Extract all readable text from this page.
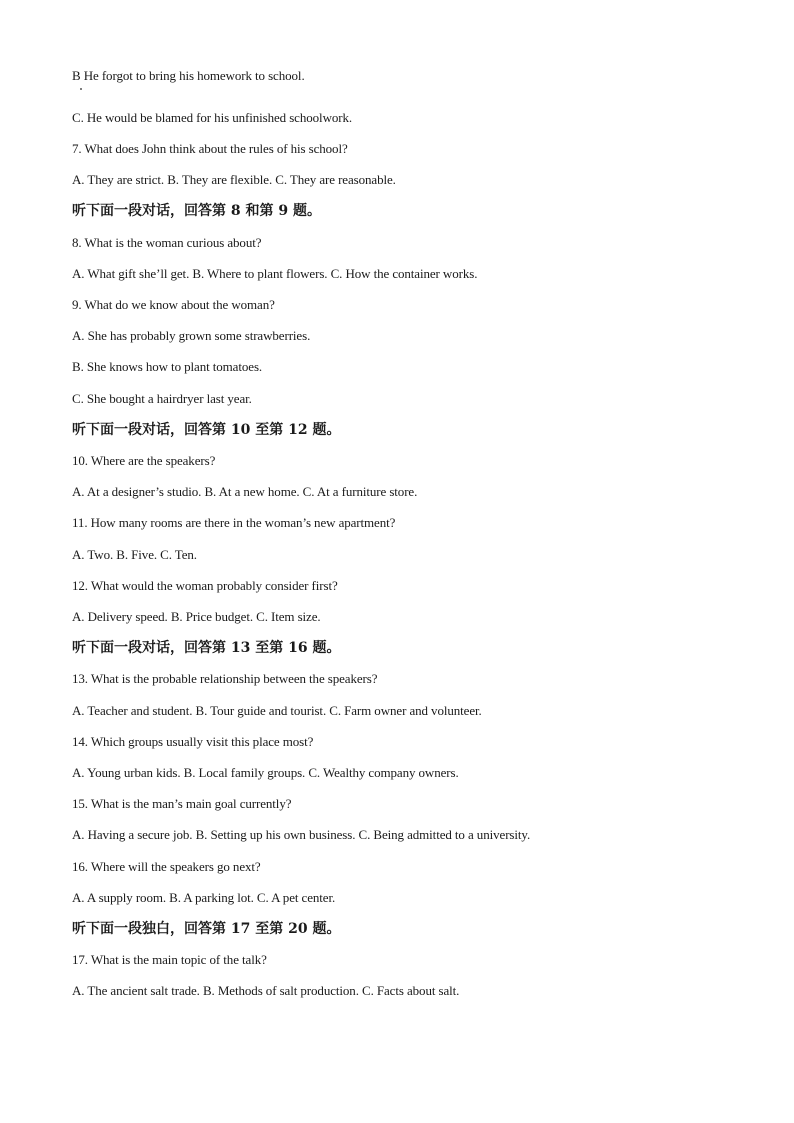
B He forgot to bring his homework to school.
C. He would be blamed for his unfinished schoolwork.
7. What does John think about the rules of his school?
A. They are strict. B. They are flexible. C. They are reasonable.
听下面一段对话，回答第 8 和第 9 题。
8. What is the woman curious about?
A. What gift she’ll get. B. Where to plant flowers. C. How the container works.
9. What do we know about the woman?
A. She has probably grown some strawberries.
B. She knows how to plant tomatoes.
C. She bought a hairdryer last year.
听下面一段对话，回答第 10 至第 12 题。
10. Where are the speakers?
A. At a designer’s studio. B. At a new home. C. At a furniture store.
11. How many rooms are there in the woman’s new apartment?
A. Two. B. Five. C. Ten.
12. What would the woman probably consider first?
A. Delivery speed. B. Price budget. C. Item size.
听下面一段对话，回答第 13 至第 16 题。
13. What is the probable relationship between the speakers?
A. Teacher and student. B. Tour guide and tourist. C. Farm owner and volunteer.
14. Which groups usually visit this place most?
A. Young urban kids. B. Local family groups. C. Wealthy company owners.
15. What is the man’s main goal currently?
A. Having a secure job. B. Setting up his own business. C. Being admitted to a university.
16. Where will the speakers go next?
A. A supply room. B. A parking lot. C. A pet center.
听下面一段独白，回答第 17 至第 20 题。
17. What is the main topic of the talk?
A. The ancient salt trade. B. Methods of salt production. C. Facts about salt.
